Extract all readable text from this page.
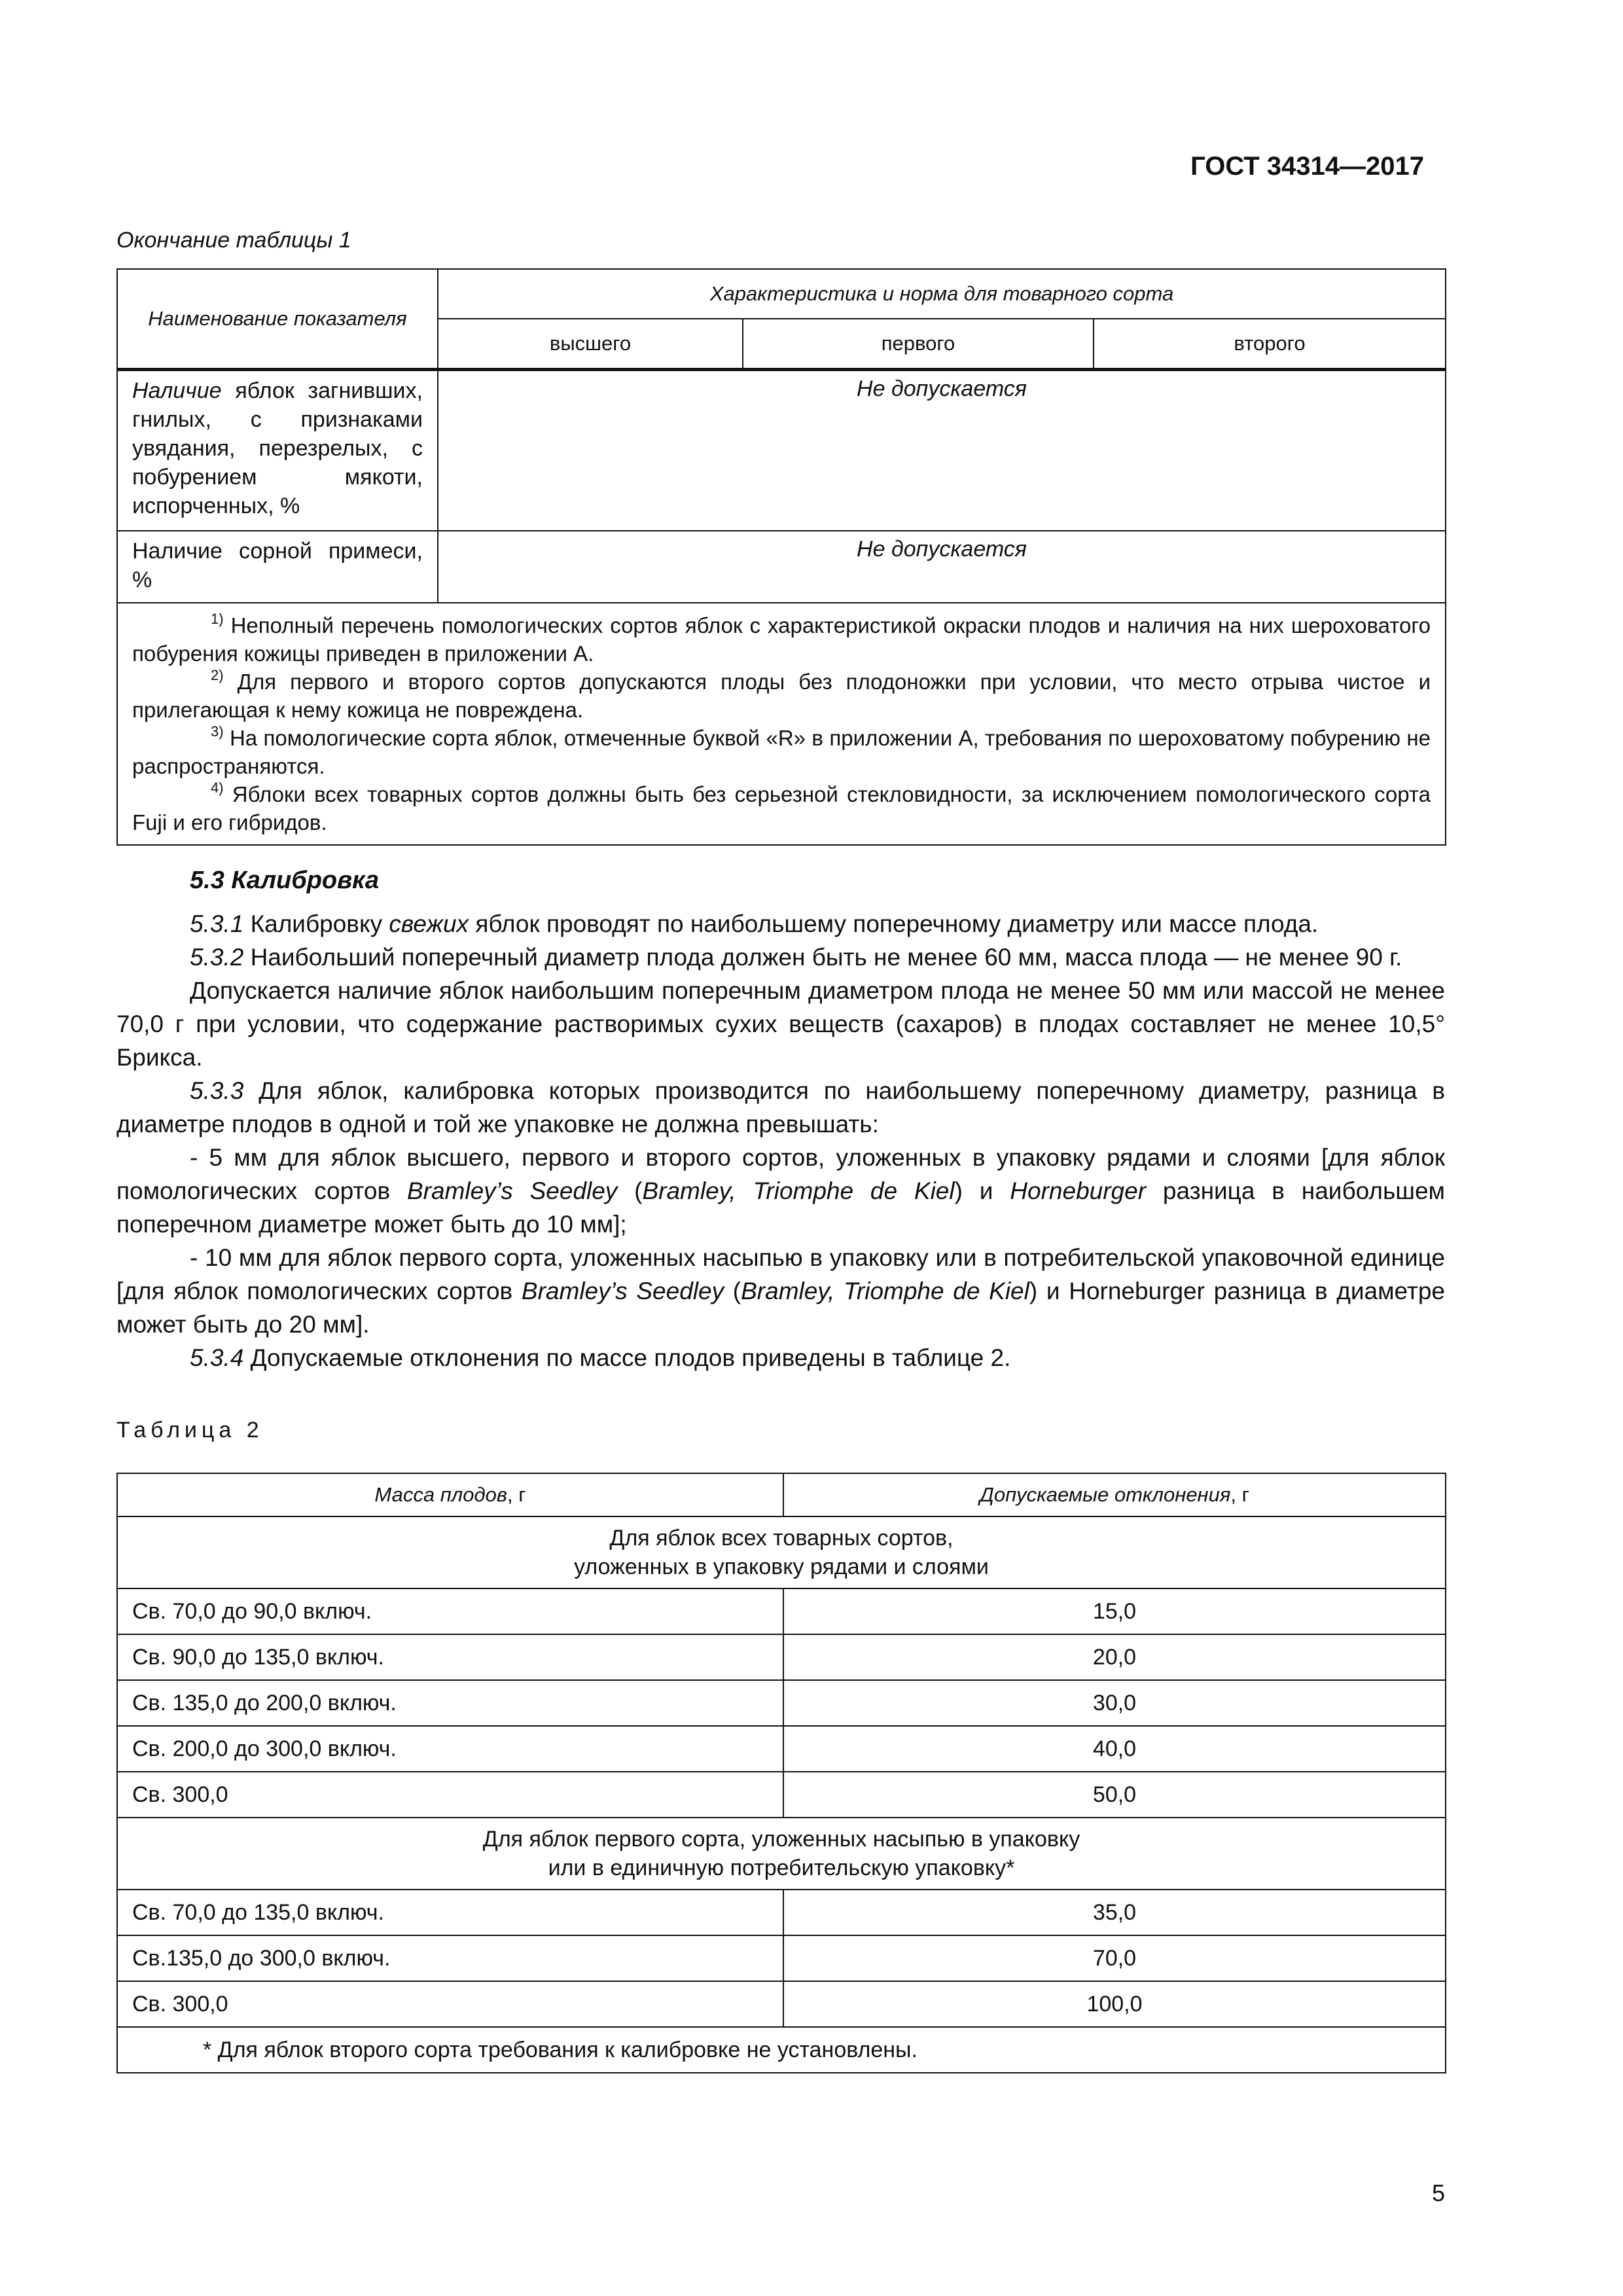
ГОСТ 34314—2017
Окончание таблицы 1
Наименование показателя	Характеристика и норма для товарного сорта		
	высшего	первого	второго
Наличие яблок загнивших, гнилых, с признаками увядания, перезрелых, с побурением мякоти, испорченных, %	Не допускается		
Наличие сорной примеси, %	Не допускается		

$^{1)}$ Неполный перечень помологических сортов яблок с характеристикой окраски плодов и наличия на них шероховатого побурения кожицы приведен в приложении А.
$^{2)}$ Для первого и второго сортов допускаются плоды без плодоножки при условии, что место отрыва чистое и прилегающая к нему кожица не повреждена.
$^{3)}$ На помологические сорта яблок, отмеченные буквой «R» в приложении А, требования по шероховатому побурению не распространяются.
$^{4)}$ Яблоки всех товарных сортов должны быть без серьезной стекловидности, за исключением помологического сорта Fuji и его гибридов.			
5.3 Калибровка

5.3.1 Калибровку свежих яблок проводят по наибольшему поперечному диаметру или массе плода.

5.3.2 Наибольший поперечный диаметр плода должен быть не менее 60 мм, масса плода — не менее 90 г.

Допускается наличие яблок наибольшим поперечным диаметром плода не менее 50 мм или массой не менее 70,0 г при условии, что содержание растворимых сухих веществ (сахаров) в плодах составляет не менее 10,5° Брикса.

5.3.3 Для яблок, калибровка которых производится по наибольшему поперечному диаметру, разница в диаметре плодов в одной и той же упаковке не должна превышать:

- 5 мм для яблок высшего, первого и второго сортов, уложенных в упаковку рядами и слоями [для яблок помологических сортов Bramley’s Seedley (Bramley, Triomphe de Kiel) и Horneburger разница в наибольшем поперечном диаметре может быть до 10 мм];

- 10 мм для яблок первого сорта, уложенных насыпью в упаковку или в потребительской упаковочной единице [для яблок помологических сортов Bramley’s Seedley (Bramley, Triomphe de Kiel) и Horneburger разница в диаметре может быть до 20 мм].

5.3.4 Допускаемые отклонения по массе плодов приведены в таблице 2.

Таблица 2
Масса плодов, г	Допускаемые отклонения, г

Для яблок всех товарных сортов,
уложенных в упаковку рядами и слоями	

Св. 70,0 до 90,0 включ.	15,0
Св. 90,0 до 135,0 включ.	20,0
Св. 135,0 до 200,0 включ.	30,0
Св. 200,0 до 300,0 включ.	40,0
Св. 300,0	50,0

Для яблок первого сорта, уложенных насыпью в упаковку
или в единичную потребительскую упаковку*	

Св. 70,0 до 135,0 включ.	35,0
Св.135,0 до 300,0 включ.	70,0
Св. 300,0	100,0
* Для яблок второго сорта требования к калибровке не установлены.	
5
